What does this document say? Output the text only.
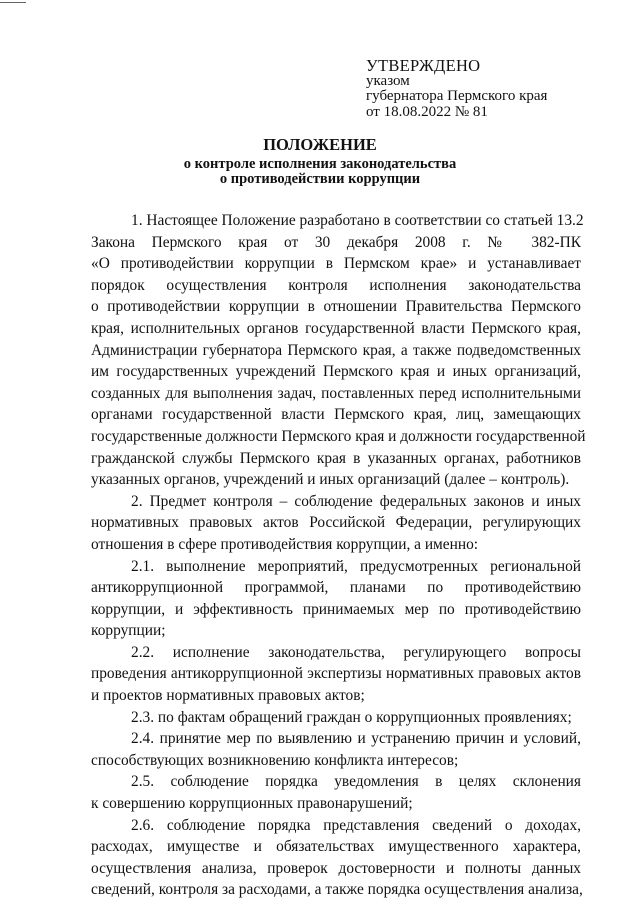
УТВЕРЖДЕНО
указом
губернатора Пермского края
от 18.08.2022 № 81
ПОЛОЖЕНИЕ
о контроле исполнения законодательства
о противодействии коррупции
1. Настоящее Положение разработано в соответствии со статьей 13.2
Закона Пермского края от 30 декабря 2008 г. № 382-ПК
«О противодействии коррупции в Пермском крае» и устанавливает
порядок осуществления контроля исполнения законодательства
о противодействии коррупции в отношении Правительства Пермского
края, исполнительных органов государственной власти Пермского края,
Администрации губернатора Пермского края, а также подведомственных
им государственных учреждений Пермского края и иных организаций,
созданных для выполнения задач, поставленных перед исполнительными
органами государственной власти Пермского края, лиц, замещающих
государственные должности Пермского края и должности государственной
гражданской службы Пермского края в указанных органах, работников
указанных органов, учреждений и иных организаций (далее – контроль).
2. Предмет контроля – соблюдение федеральных законов и иных
нормативных правовых актов Российской Федерации, регулирующих
отношения в сфере противодействия коррупции, а именно:
2.1. выполнение мероприятий, предусмотренных региональной
антикоррупционной программой, планами по противодействию
коррупции, и эффективность принимаемых мер по противодействию
коррупции;
2.2. исполнение законодательства, регулирующего вопросы
проведения антикоррупционной экспертизы нормативных правовых актов
и проектов нормативных правовых актов;
2.3. по фактам обращений граждан о коррупционных проявлениях;
2.4. принятие мер по выявлению и устранению причин и условий,
способствующих возникновению конфликта интересов;
2.5. соблюдение порядка уведомления в целях склонения
к совершению коррупционных правонарушений;
2.6. соблюдение порядка представления сведений о доходах,
расходах, имуществе и обязательствах имущественного характера,
осуществления анализа, проверок достоверности и полноты данных
сведений, контроля за расходами, а также порядка осуществления анализа,
